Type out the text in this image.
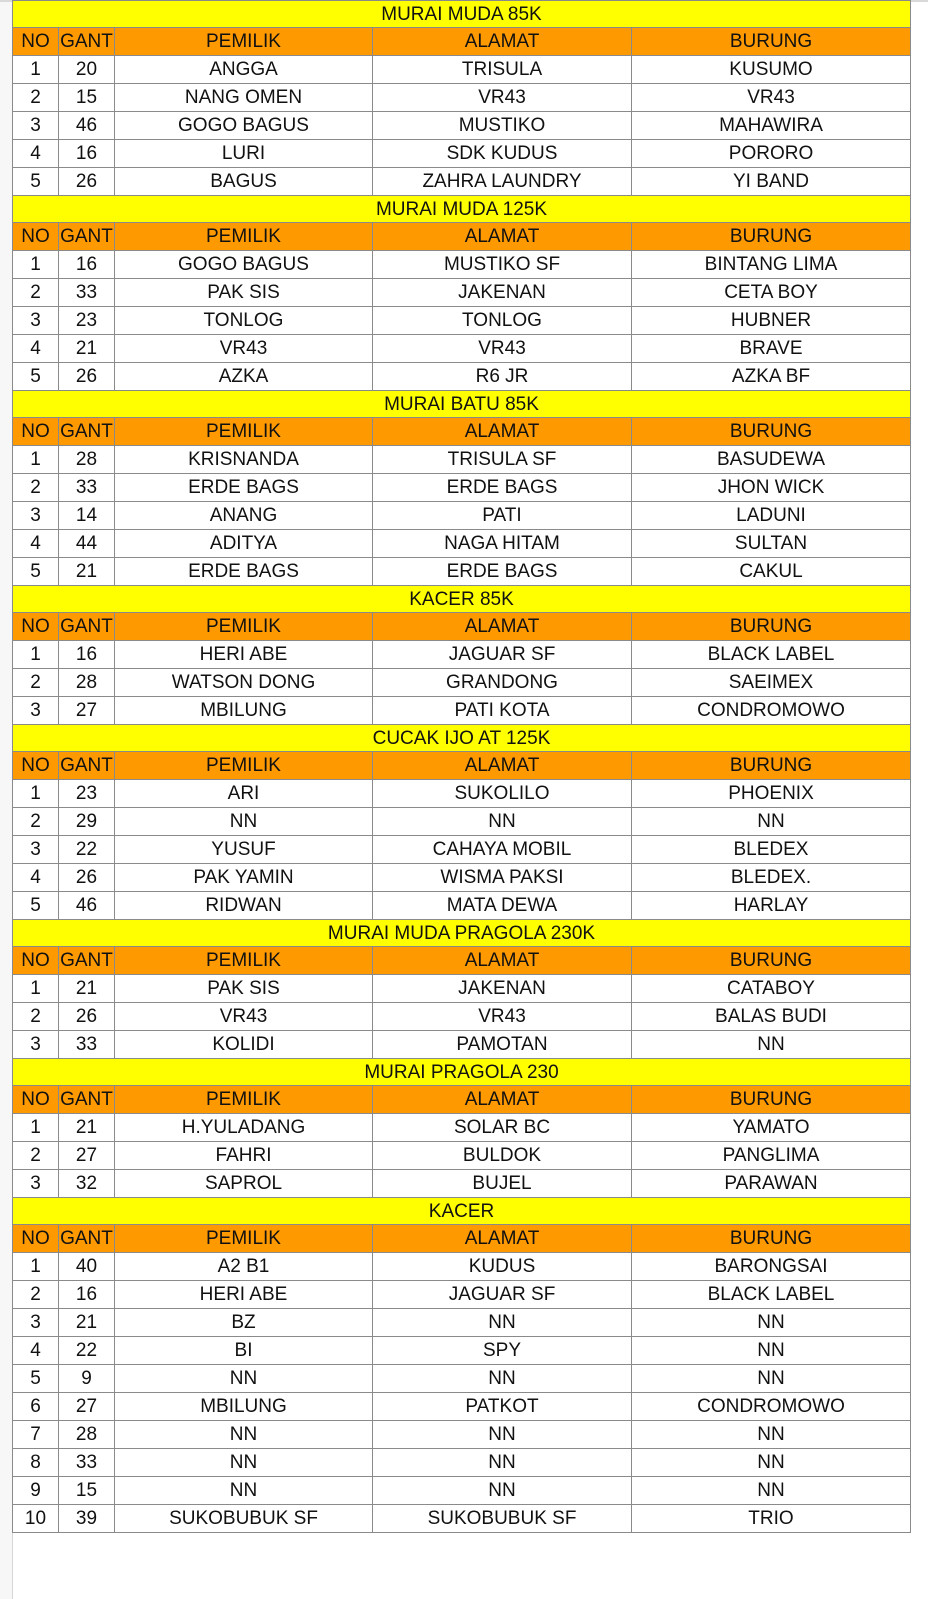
MURAI MUDA 85K				
NO	GANT	PEMILIK	ALAMAT	BURUNG
1	20	ANGGA	TRISULA	KUSUMO
2	15	NANG OMEN	VR43	VR43
3	46	GOGO BAGUS	MUSTIKO	MAHAWIRA
4	16	LURI	SDK KUDUS	PORORO
5	26	BAGUS	ZAHRA LAUNDRY	YI BAND
MURAI MUDA 125K				
NO	GANT	PEMILIK	ALAMAT	BURUNG
1	16	GOGO BAGUS	MUSTIKO SF	BINTANG LIMA
2	33	PAK SIS	JAKENAN	CETA BOY
3	23	TONLOG	TONLOG	HUBNER
4	21	VR43	VR43	BRAVE
5	26	AZKA	R6 JR	AZKA BF
MURAI BATU 85K				
NO	GANT	PEMILIK	ALAMAT	BURUNG
1	28	KRISNANDA	TRISULA SF	BASUDEWA
2	33	ERDE BAGS	ERDE BAGS	JHON WICK
3	14	ANANG	PATI	LADUNI
4	44	ADITYA	NAGA HITAM	SULTAN
5	21	ERDE BAGS	ERDE BAGS	CAKUL
KACER 85K				
NO	GANT	PEMILIK	ALAMAT	BURUNG
1	16	HERI ABE	JAGUAR SF	BLACK LABEL
2	28	WATSON DONG	GRANDONG	SAEIMEX
3	27	MBILUNG	PATI KOTA	CONDROMOWO
CUCAK IJO AT 125K				
NO	GANT	PEMILIK	ALAMAT	BURUNG
1	23	ARI	SUKOLILO	PHOENIX
2	29	NN	NN	NN
3	22	YUSUF	CAHAYA MOBIL	BLEDEX
4	26	PAK YAMIN	WISMA PAKSI	BLEDEX.
5	46	RIDWAN	MATA DEWA	HARLAY
MURAI MUDA PRAGOLA 230K				
NO	GANT	PEMILIK	ALAMAT	BURUNG
1	21	PAK SIS	JAKENAN	CATABOY
2	26	VR43	VR43	BALAS BUDI
3	33	KOLIDI	PAMOTAN	NN
MURAI PRAGOLA 230				
NO	GANT	PEMILIK	ALAMAT	BURUNG
1	21	H.YULADANG	SOLAR BC	YAMATO
2	27	FAHRI	BULDOK	PANGLIMA
3	32	SAPROL	BUJEL	PARAWAN
KACER				
NO	GANT	PEMILIK	ALAMAT	BURUNG
1	40	A2 B1	KUDUS	BARONGSAI
2	16	HERI ABE	JAGUAR SF	BLACK LABEL
3	21	BZ	NN	NN
4	22	BI	SPY	NN
5	9	NN	NN	NN
6	27	MBILUNG	PATKOT	CONDROMOWO
7	28	NN	NN	NN
8	33	NN	NN	NN
9	15	NN	NN	NN
10	39	SUKOBUBUK SF	SUKOBUBUK SF	TRIO
